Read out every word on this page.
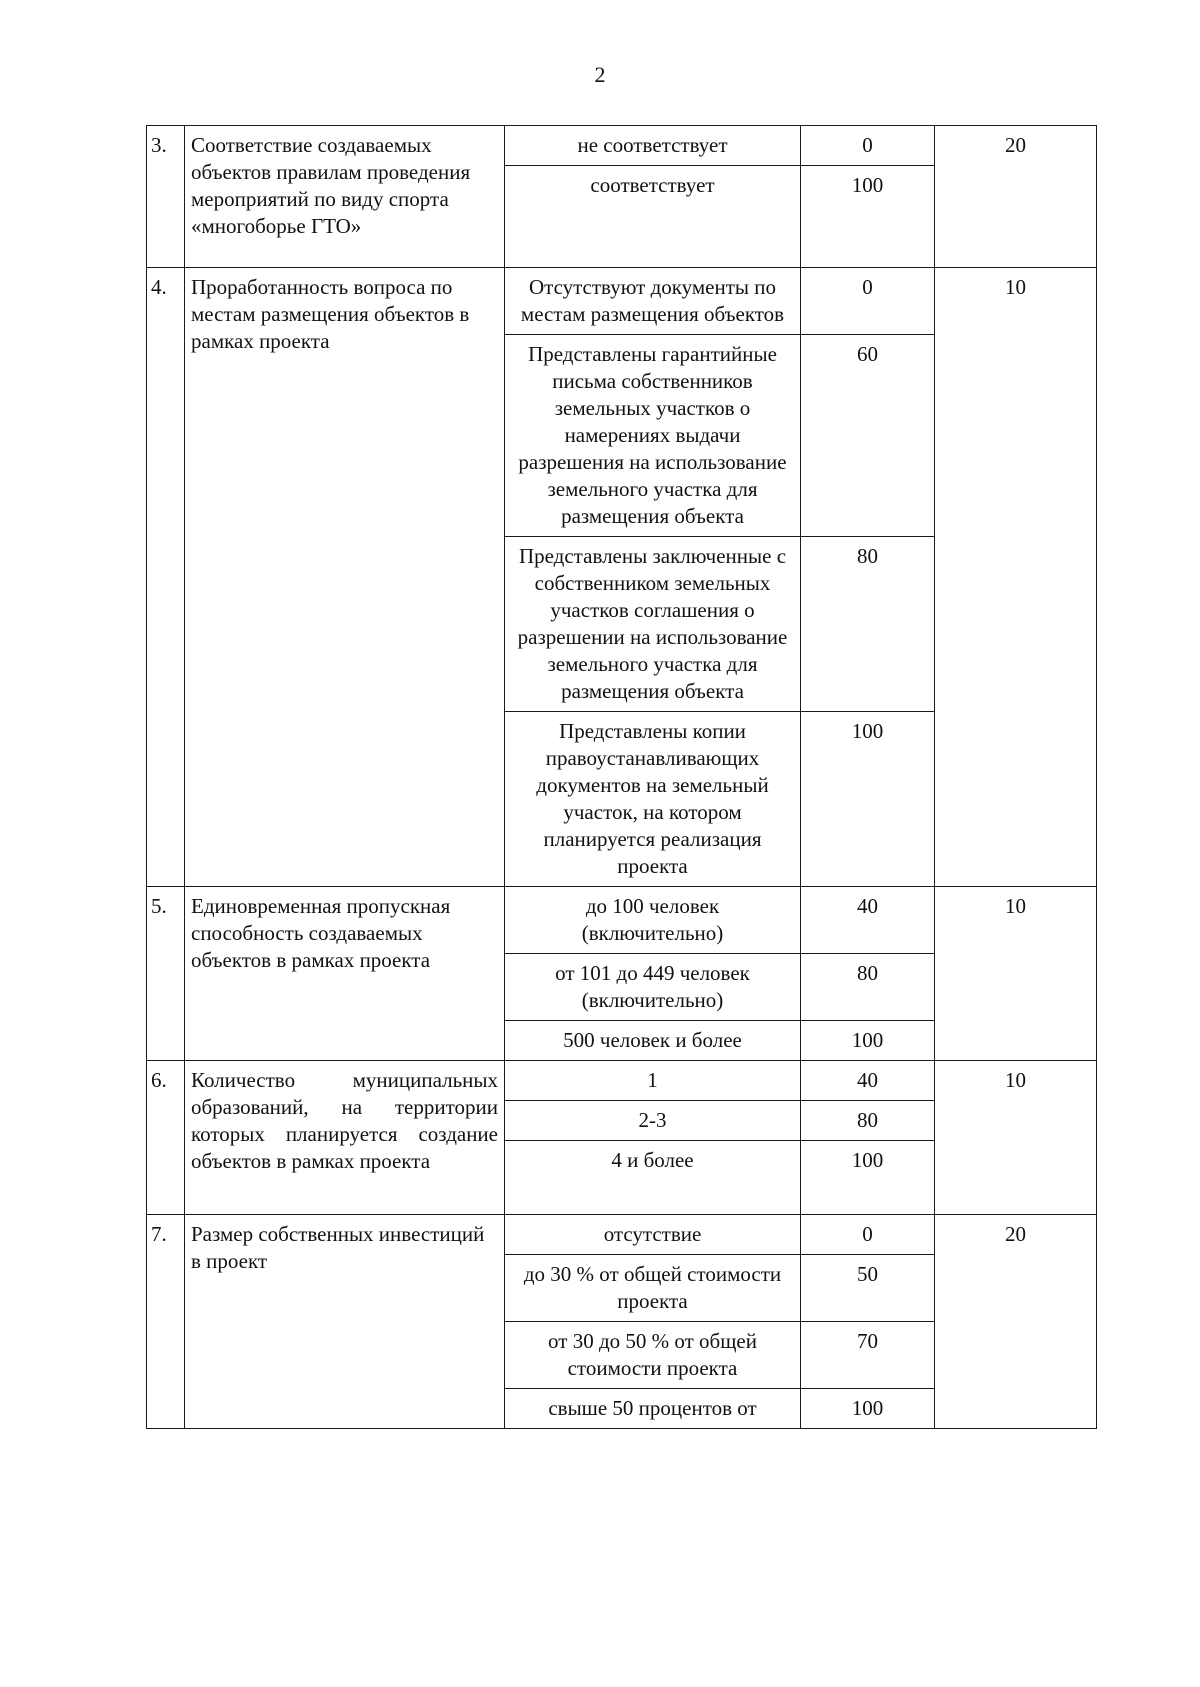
2
3.	Соответствие создаваемых объектов правилам проведения мероприятий по виду спорта «многоборье ГТО»	не соответствует	0	20
		соответствует	100	
4.	Проработанность вопроса по местам размещения объектов в рамках проекта	Отсутствуют документы по местам размещения объектов	0	10
		Представлены гарантийные письма собственников земельных участков о намерениях выдачи разрешения на использование земельного участка для размещения объекта	60	
		Представлены заключенные с собственником земельных участков соглашения о разрешении на использование земельного участка для размещения объекта	80	
		Представлены копии правоустанавливающих документов на земельный участок, на котором планируется реализация проекта	100	
5.	Единовременная пропускная способность создаваемых объектов в рамках проекта	до 100 человек (включительно)	40	10
		от 101 до 449 человек (включительно)	80	
		500 человек и более	100	
6.	Количество муниципальных образований, на территории которых планируется создание объектов в рамках проекта	1	40	10
		2-3	80	
		4 и более	100	
7.	Размер собственных инвестиций в проект	отсутствие	0	20
		до 30 % от общей стоимости проекта	50	
		от 30 до 50 % от общей стоимости проекта	70	
		свыше 50 процентов от	100	
